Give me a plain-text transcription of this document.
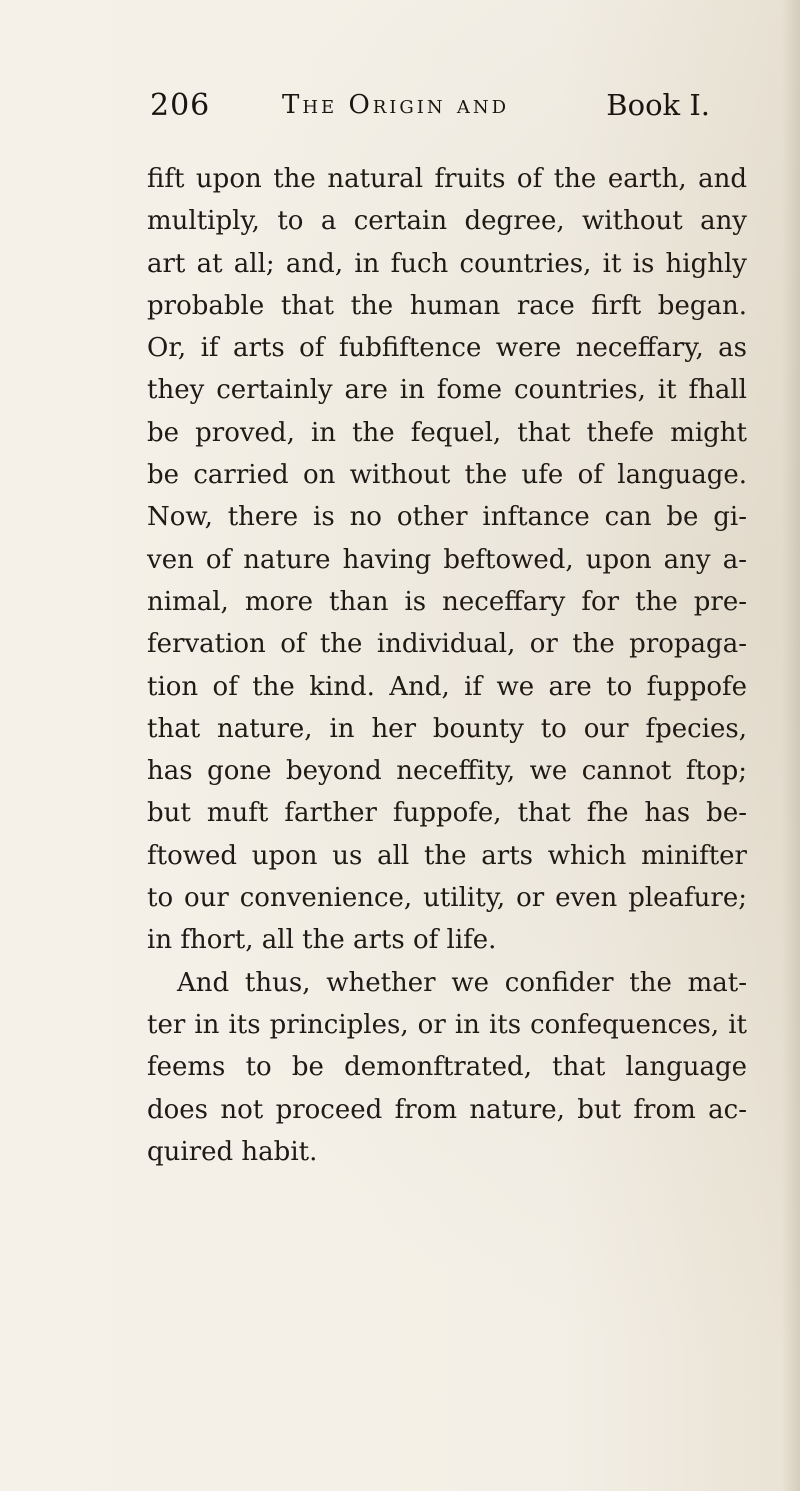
206	The Origin and	Book I.
fift upon the natural fruits of the earth, and
multiply, to a certain degree, without any
art at all; and, in fuch countries, it is highly
probable that the human race firft began.
Or, if arts of fubfiftence were neceffary, as
they certainly are in fome countries, it fhall
be proved, in the fequel, that thefe might
be carried on without the ufe of language.
Now, there is no other inftance can be gi-
ven of nature having beftowed, upon any a-
nimal, more than is neceffary for the pre-
fervation of the individual, or the propaga-
tion of the kind. And, if we are to fuppofe
that nature, in her bounty to our fpecies,
has gone beyond neceffity, we cannot ftop;
but muft farther fuppofe, that fhe has be-
ftowed upon us all the arts which minifter
to our convenience, utility, or even pleafure;
in fhort, all the arts of life.
And thus, whether we confider the mat-
ter in its principles, or in its confequences, it
feems to be demonftrated, that language
does not proceed from nature, but from ac-
quired habit.
